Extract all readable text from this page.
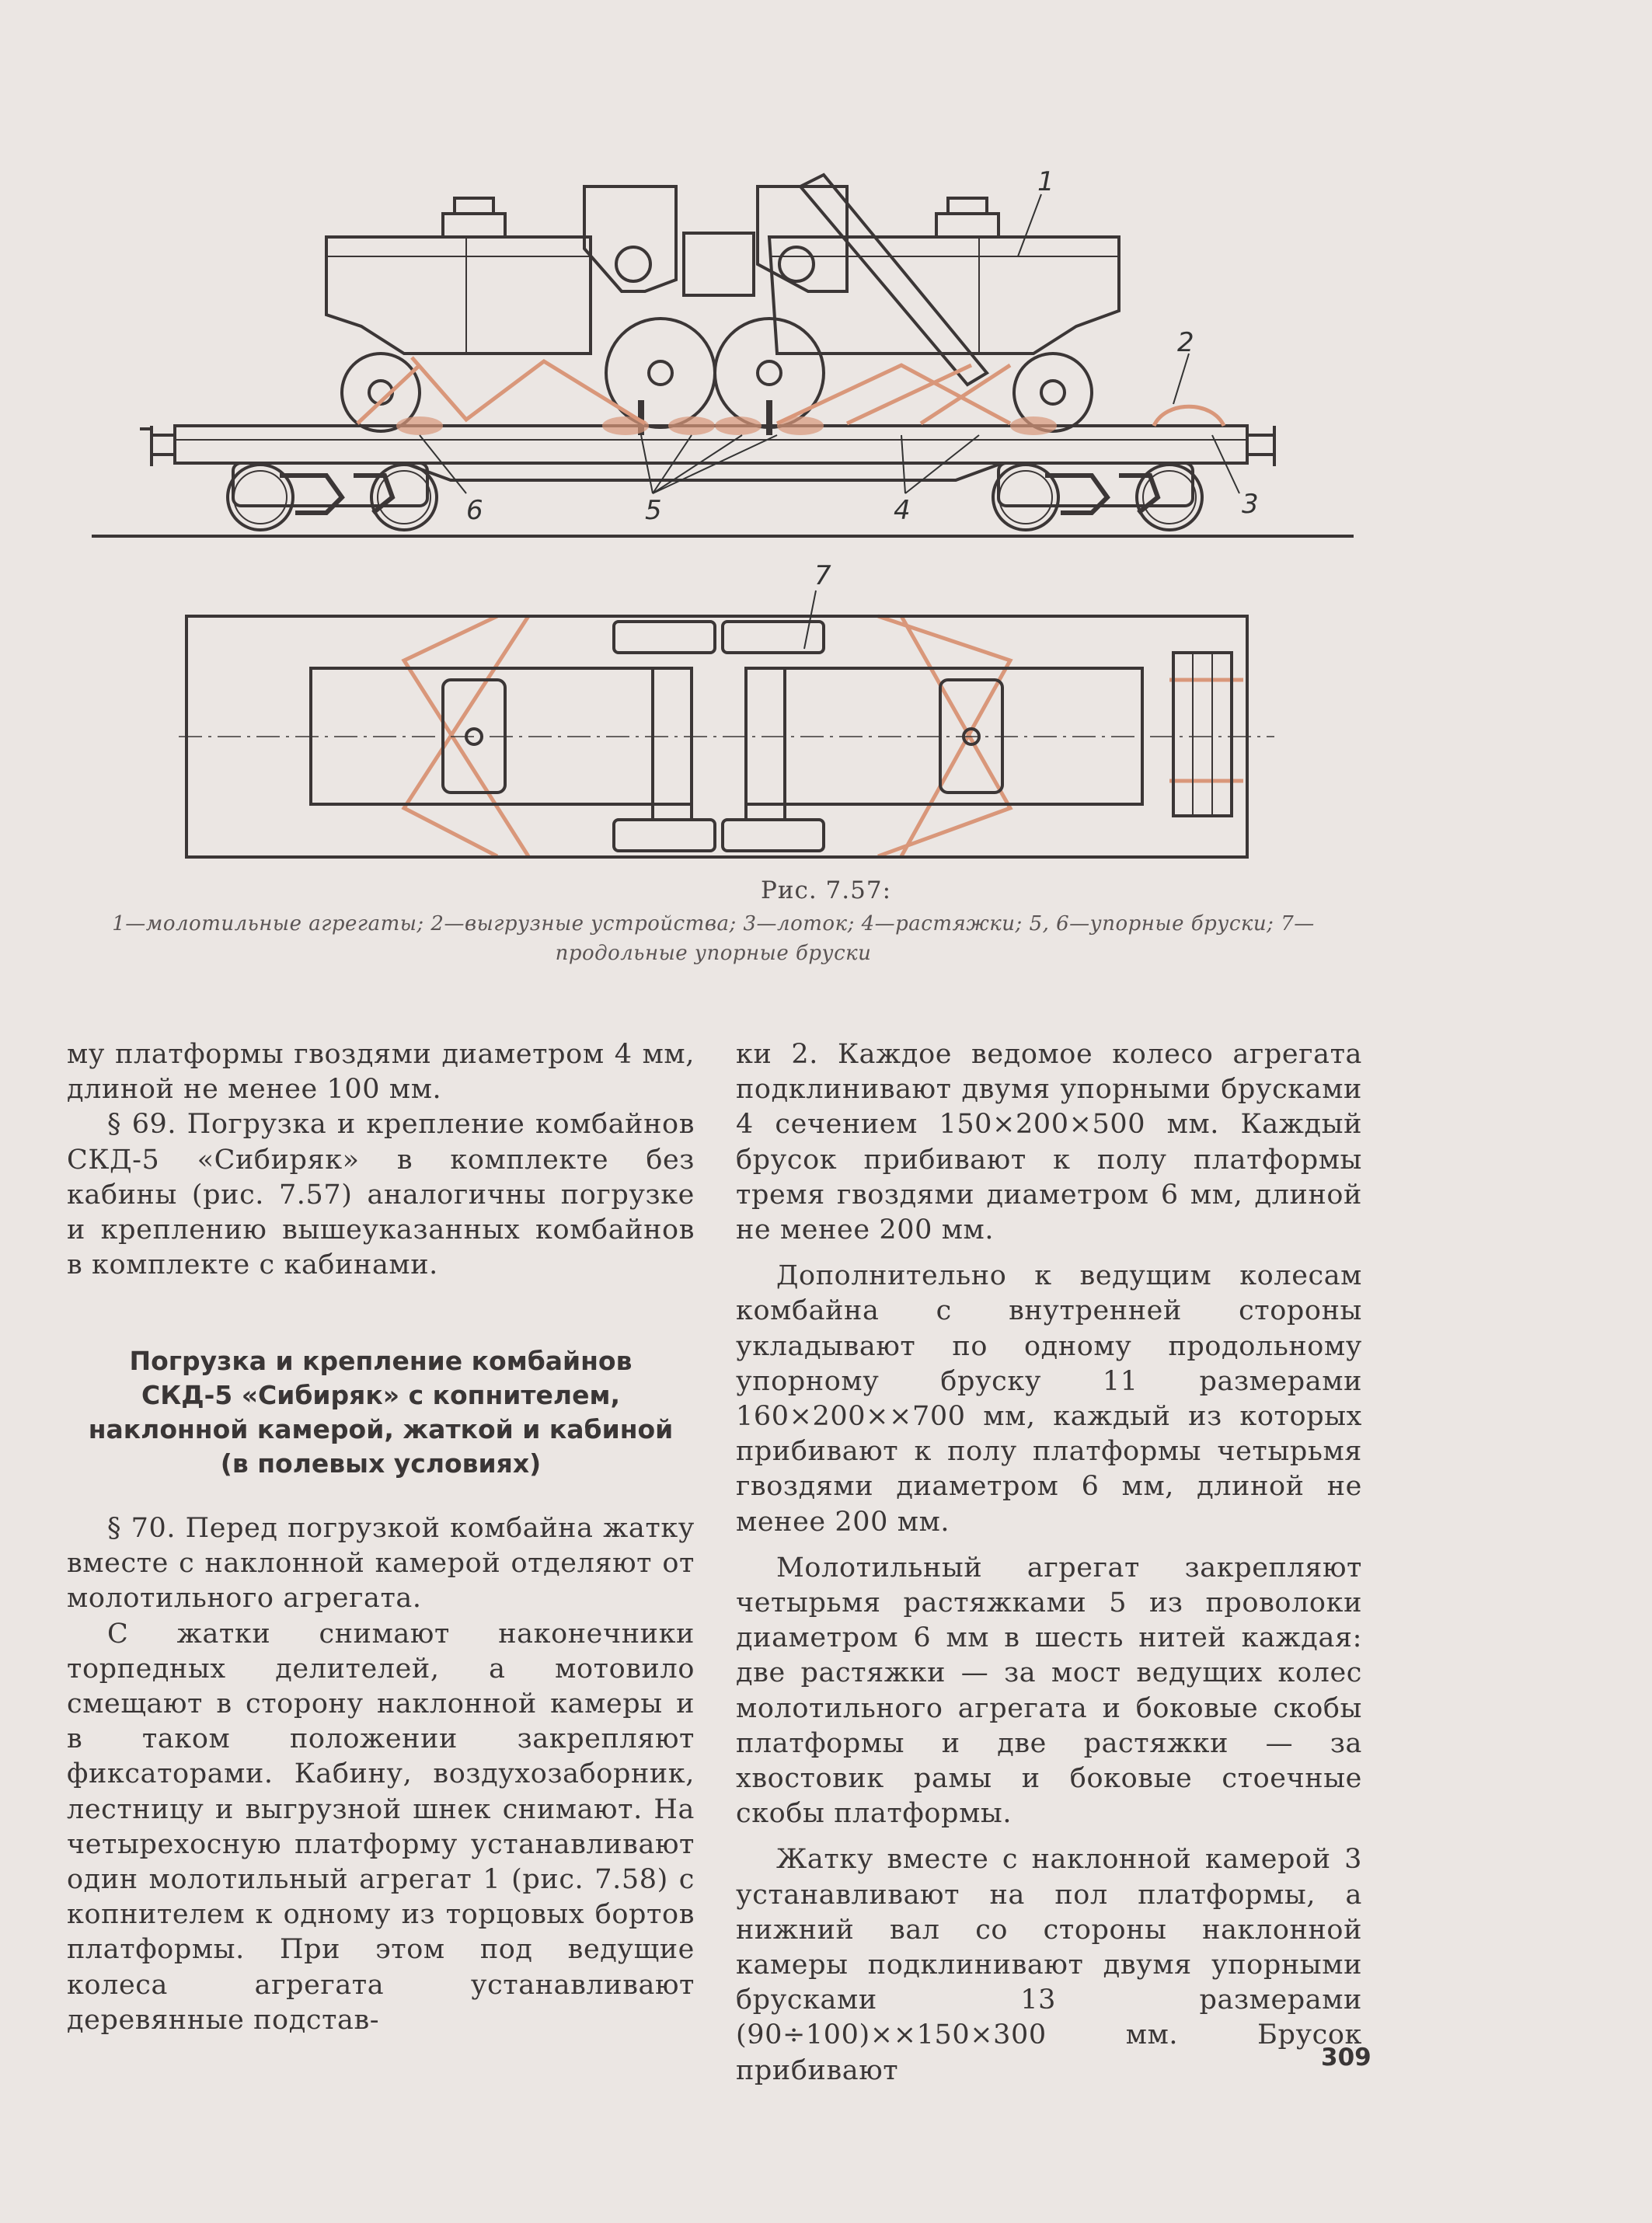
1
2
3
4
5
6
7
Рис. 7.57:
1—молотильные агрегаты; 2—выгрузные устройства; 3—лоток; 4—растяжки; 5, 6—упорные бруски; 7—продольные упорные бруски

му платформы гвоздями диаметром 4 мм, длиной не менее 100 мм.

§ 69. Погрузка и крепление комбайнов СКД-5 «Сибиряк» в комплекте без кабины (рис. 7.57) аналогичны погрузке и креплению вышеуказанных комбайнов в комплекте с кабинами.

Погрузка и крепление комбайнов
СКД-5 «Сибиряк» с копнителем,
наклонной камерой, жаткой и кабиной
(в полевых условиях)

§ 70. Перед погрузкой комбайна жатку вместе с наклонной камерой отделяют от молотильного агрегата.

С жатки снимают наконечники торпедных делителей, а мотовило смещают в сторону наклонной камеры и в таком положении закрепляют фиксаторами. Кабину, воздухозаборник, лестницу и выгрузной шнек снимают. На четырехосную платформу устанавливают один молотильный агрегат 1 (рис. 7.58) с копнителем к одному из торцовых бортов платформы. При этом под ведущие колеса агрегата устанавливают деревянные подстав-

ки 2. Каждое ведомое колесо агрегата подклинивают двумя упорными брусками 4 сечением 150×200×500 мм. Каждый брусок прибивают к полу платформы тремя гвоздями диаметром 6 мм, длиной не менее 200 мм.

Дополнительно к ведущим колесам комбайна с внутренней стороны укладывают по одному продольному упорному бруску 11 размерами 160×200××700 мм, каждый из которых прибивают к полу платформы четырьмя гвоздями диаметром 6 мм, длиной не менее 200 мм.

Молотильный агрегат закрепляют четырьмя растяжками 5 из проволоки диаметром 6 мм в шесть нитей каждая: две растяжки — за мост ведущих колес молотильного агрегата и боковые скобы платформы и две растяжки — за хвостовик рамы и боковые стоечные скобы платформы.

Жатку вместе с наклонной камерой 3 устанавливают на пол платформы, а нижний вал со стороны наклонной камеры подклинивают двумя упорными брусками 13 размерами (90÷100)××150×300 мм. Брусок прибивают	309
